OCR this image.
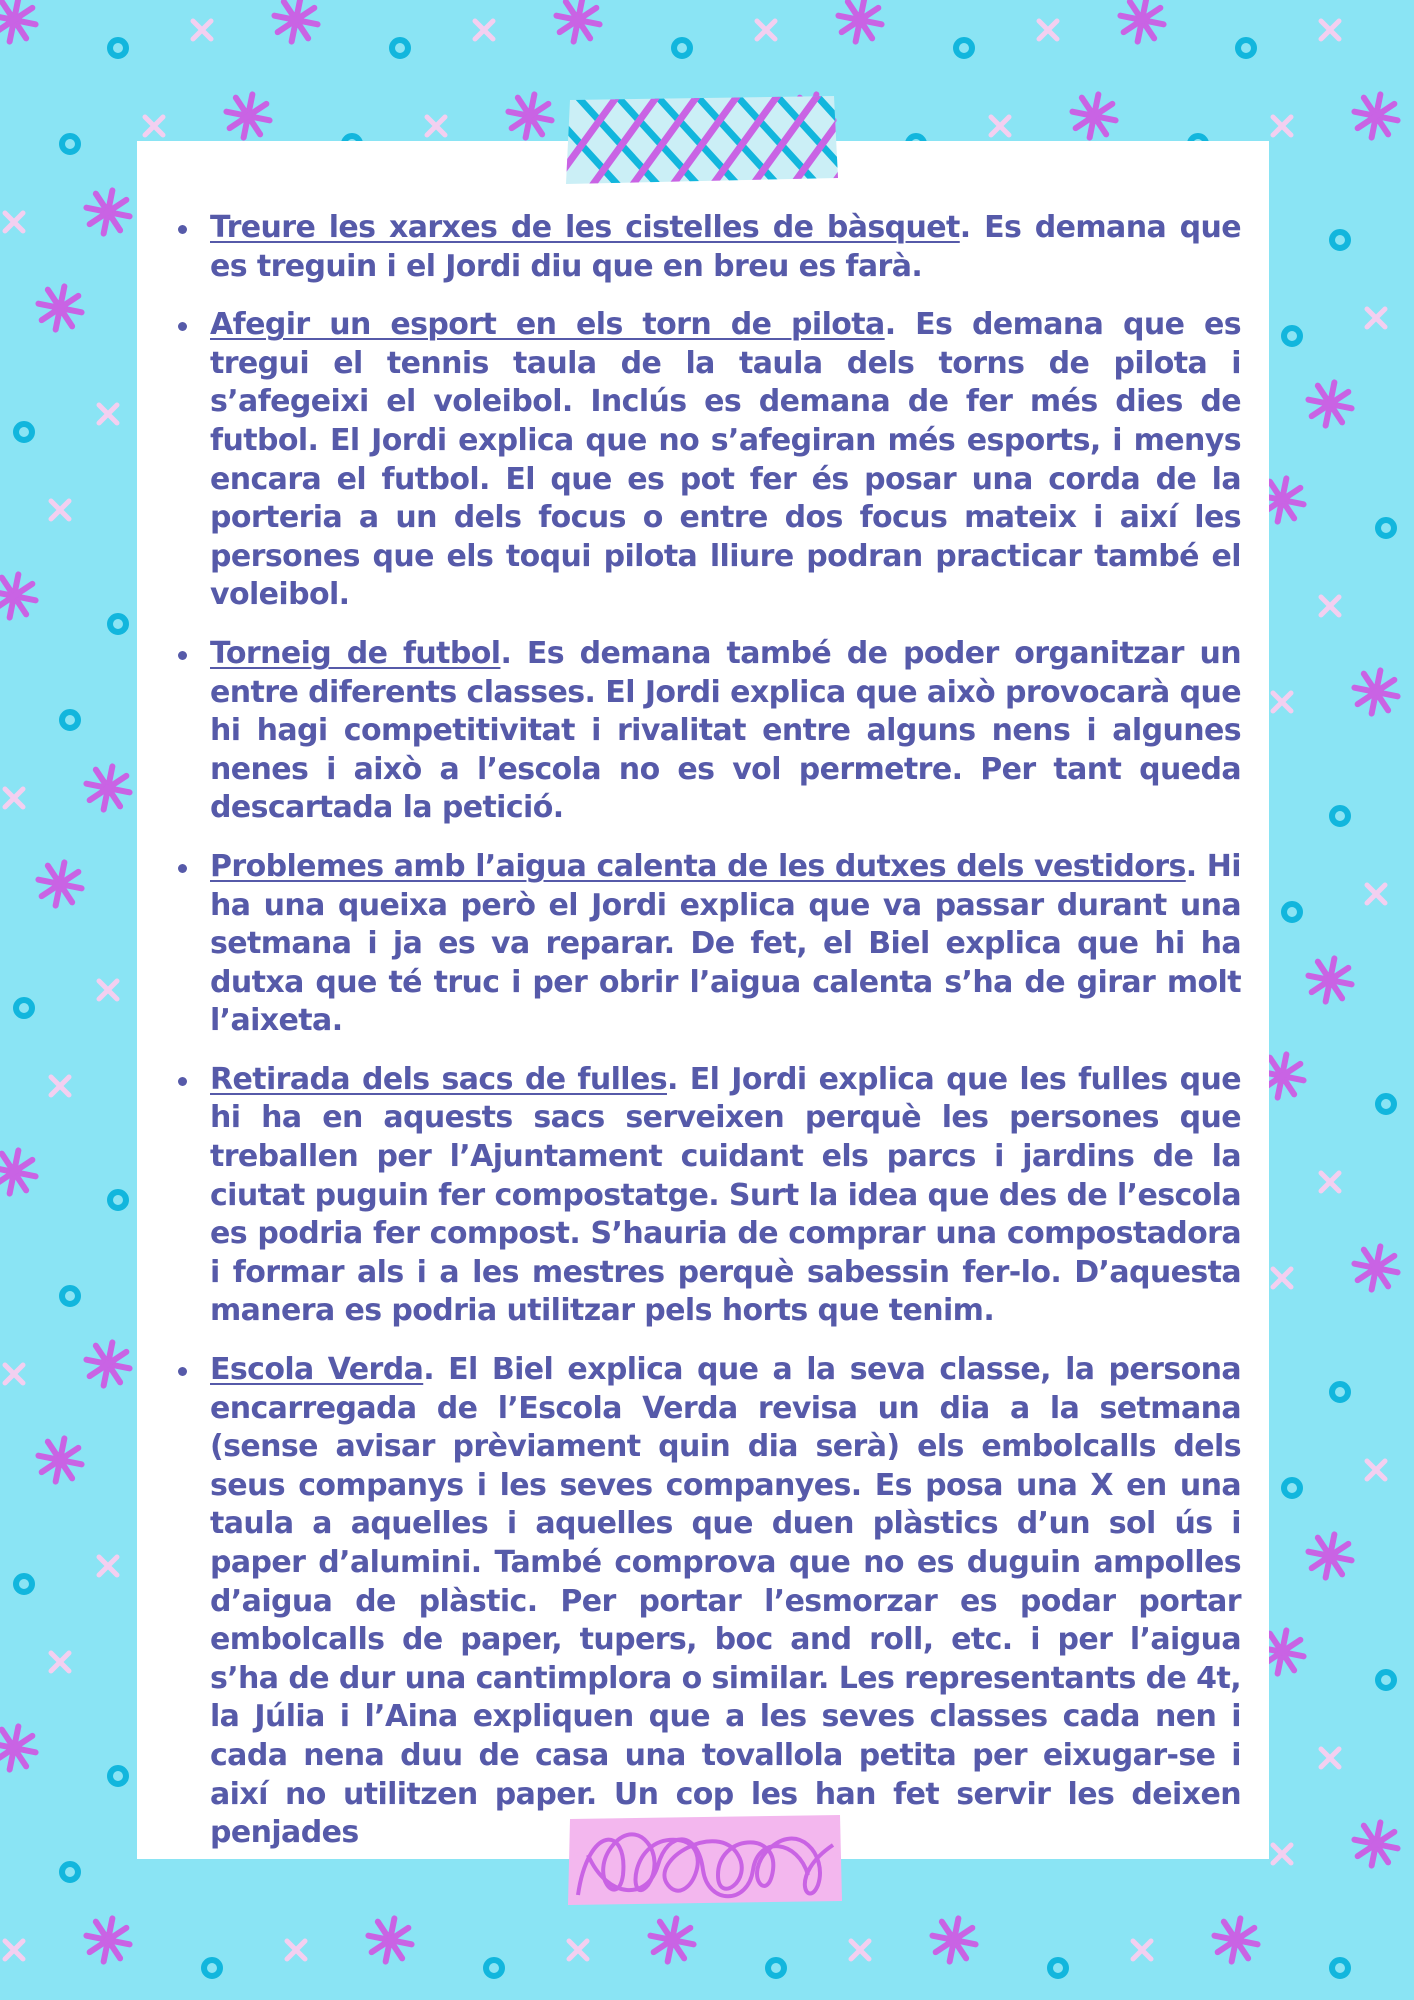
Treure les xarxes de les cistelles de bàsquet. Es demana que es treguin i el Jordi diu que en breu es farà.
Afegir un esport en els torn de pilota. Es demana que es tregui el tennis taula de la taula dels torns de pilota i s’afegeixi el voleibol. Inclús es demana de fer més dies de futbol. El Jordi explica que no s’afegiran més esports, i menys encara el futbol. El que es pot fer és posar una corda de la porteria a un dels focus o entre dos focus mateix i així les persones que els toqui pilota lliure podran practicar també el voleibol.
Torneig de futbol. Es demana també de poder organitzar un entre diferents classes. El Jordi explica que això provocarà que hi hagi competitivitat i rivalitat entre alguns nens i algunes nenes i això a l’escola no es vol permetre. Per tant queda descartada la petició.
Problemes amb l’aigua calenta de les dutxes dels vestidors. Hi ha una queixa però el Jordi explica que va passar durant una setmana i ja es va reparar. De fet, el Biel explica que hi ha dutxa que té truc i per obrir l’aigua calenta s’ha de girar molt l’aixeta.
Retirada dels sacs de fulles. El Jordi explica que les fulles que hi ha en aquests sacs serveixen perquè les persones que treballen per l’Ajuntament cuidant els parcs i jardins de la ciutat puguin fer compostatge. Surt la idea que des de l’escola es podria fer compost. S’hauria de comprar una compostadora i formar als i a les mestres perquè sabessin fer-lo. D’aquesta manera es podria utilitzar pels horts que tenim.
Escola Verda. El Biel explica que a la seva classe, la persona encarregada de l’Escola Verda revisa un dia a la setmana (sense avisar prèviament quin dia serà) els embolcalls dels seus companys i les seves companyes. Es posa una X en una taula a aquelles i aquelles que duen plàstics d’un sol ús i paper d’alumini. També comprova que no es duguin ampolles d’aigua de plàstic. Per portar l’esmorzar es podar portar embolcalls de paper, tupers, boc and roll, etc. i per l’aigua s’ha de dur una cantimplora o similar. Les representants de 4t, la Júlia i l’Aina expliquen que a les seves classes cada nen i cada nena duu de casa una tovallola petita per eixugar-se i així no utilitzen paper. Un cop les han fet servir les deixen penjades
